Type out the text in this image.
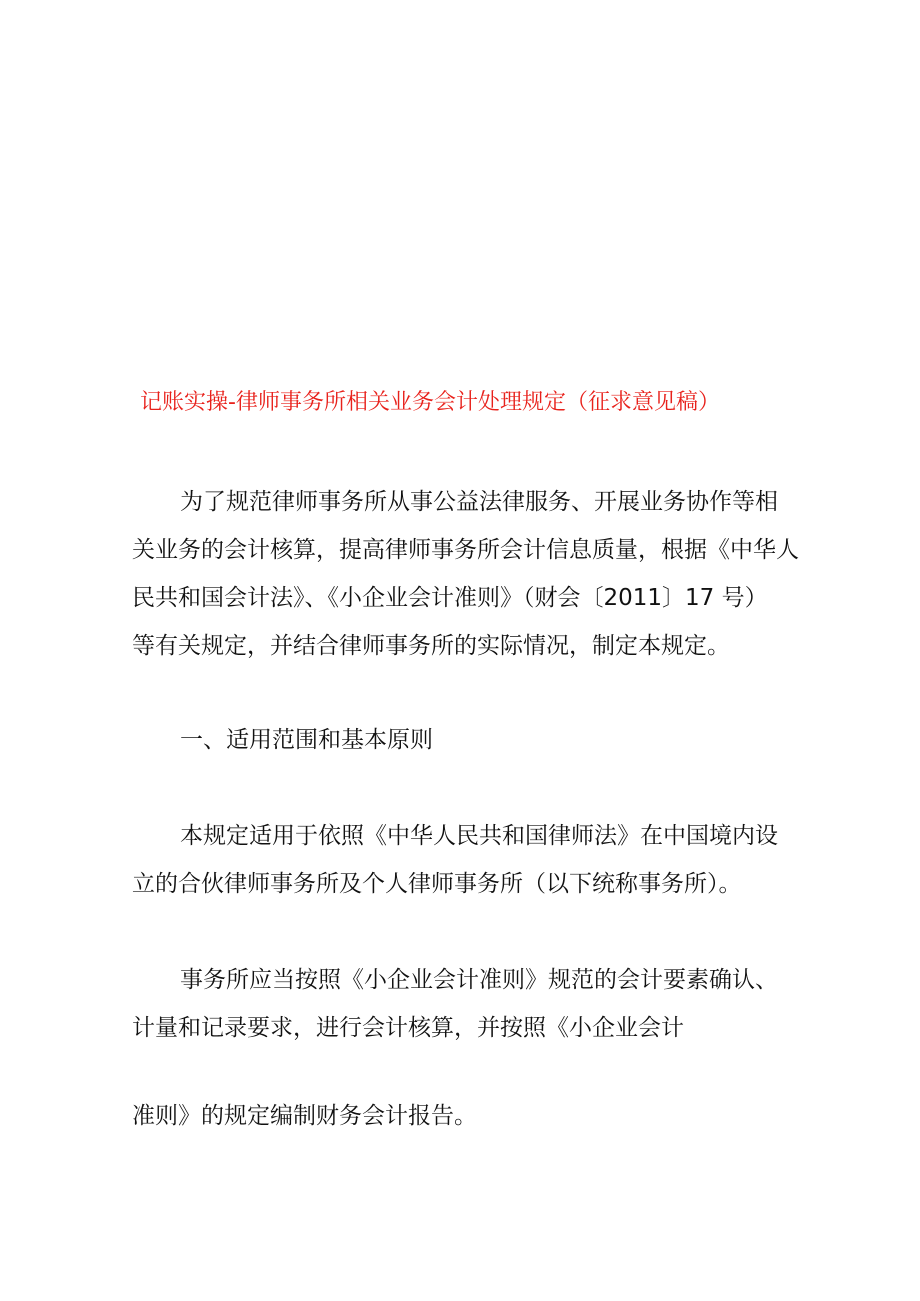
记账实操-律师事务所相关业务会计处理规定（征求意见稿）
为了规范律师事务所从事公益法律服务、开展业务协作等相
关业务的会计核算，提高律师事务所会计信息质量，根据《中华人
民共和国会计法》、《小企业会计准则》（财会〔2011〕17 号）
等有关规定，并结合律师事务所的实际情况，制定本规定。
一、适用范围和基本原则
本规定适用于依照《中华人民共和国律师法》在中国境内设
立的合伙律师事务所及个人律师事务所（以下统称事务所）。
事务所应当按照《小企业会计准则》规范的会计要素确认、
计量和记录要求，进行会计核算，并按照《小企业会计
准则》的规定编制财务会计报告。
